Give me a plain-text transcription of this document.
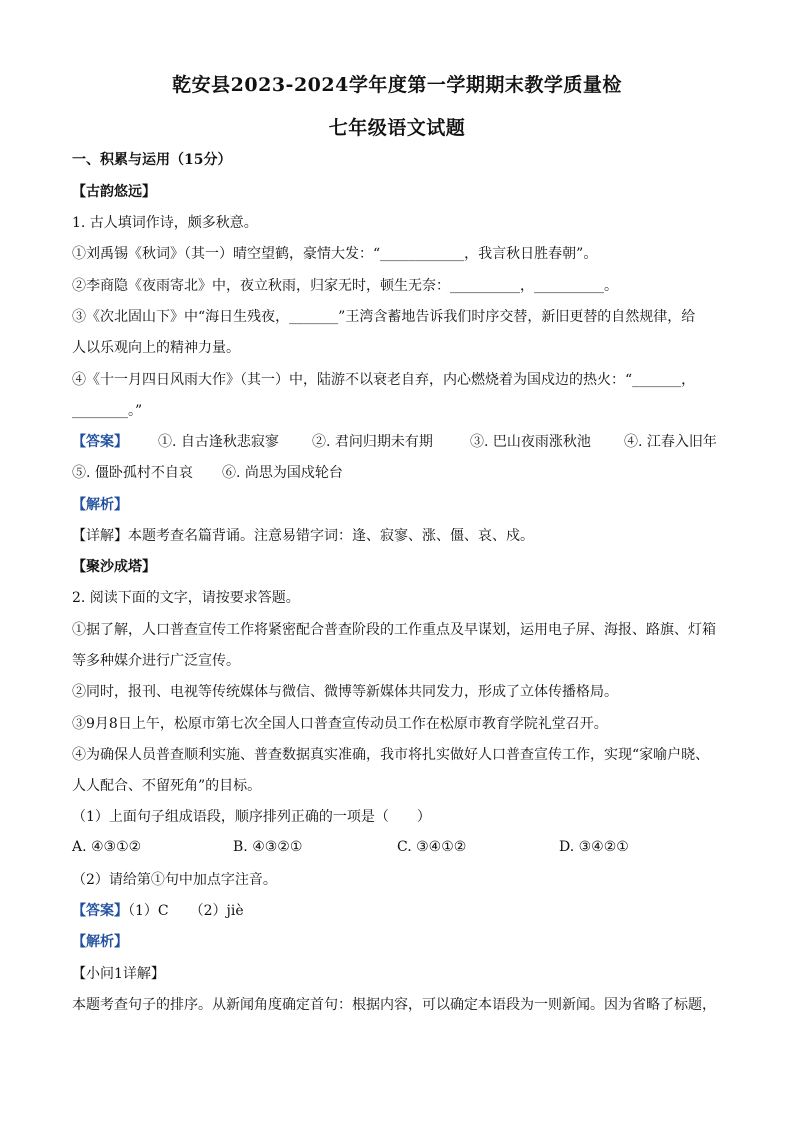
乾安县2023-2024学年度第一学期期末教学质量检
七年级语文试题
一、积累与运用（15分）
【古韵悠远】
1. 古人填词作诗，颇多秋意。
①刘禹锡《秋词》（其一）晴空望鹤，豪情大发：“____________，我言秋日胜春朝”。
②李商隐《夜雨寄北》中，夜立秋雨，归家无时，顿生无奈：__________，__________。
③《次北固山下》中“海日生残夜，_______”王湾含蓄地告诉我们时序交替，新旧更替的自然规律，给
人以乐观向上的精神力量。
④《十一月四日风雨大作》（其一）中，陆游不以衰老自弃，内心燃烧着为国戍边的热火：“_______，
________。”
【答案】 ①. 自古逢秋悲寂寥 ②. 君问归期未有期	③. 巴山夜雨涨秋池 ④. 江春入旧年
⑤. 僵卧孤村不自哀 ⑥. 尚思为国戍轮台
【解析】
【详解】本题考查名篇背诵。注意易错字词：逢、寂寥、涨、僵、哀、戍。
【聚沙成塔】
2. 阅读下面的文字，请按要求答题。
①据了解，人口普查宣传工作将紧密配合普查阶段的工作重点及早谋划，运用电子屏、海报、路旗、灯箱
等多种媒介进行广泛宣传。
②同时，报刊、电视等传统媒体与微信、微博等新媒体共同发力，形成了立体传播格局。
③9月8日上午，松原市第七次全国人口普查宣传动员工作在松原市教育学院礼堂召开。
④为确保人员普查顺利实施、普查数据真实准确，我市将扎实做好人口普查宣传工作，实现“家喻户晓、
人人配合、不留死角”的目标。
（1）上面句子组成语段，顺序排列正确的一项是（　　）
A. ④③①②	B. ④③②①	C. ③④①②	D. ③④②①
（2）请给第①句中加点字注音。
【答案】（1）C　　（2）jiè
【解析】
【小问1详解】
本题考查句子的排序。从新闻角度确定首句：根据内容，可以确定本语段为一则新闻。因为省略了标题，
